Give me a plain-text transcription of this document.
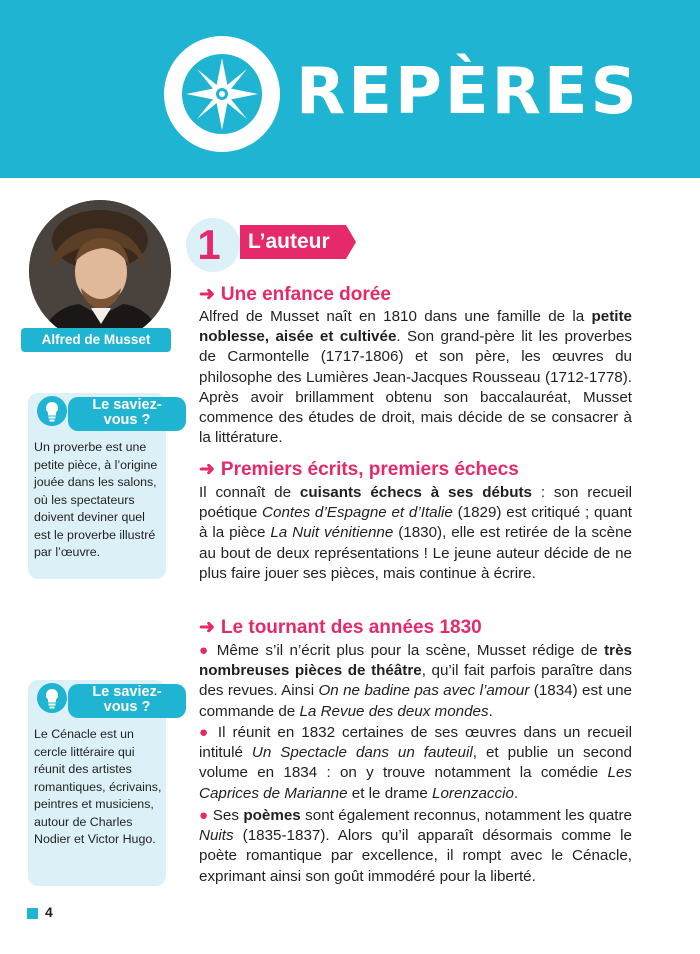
REPÈRES
Alfred de Musset
Le saviez-
vous ?
Un proverbe est une petite pièce, à l’origine jouée dans les salons, où les spectateurs doivent deviner quel est le proverbe illustré par l’œuvre.
Le saviez-
vous ?
Le Cénacle est un cercle littéraire qui réunit des artistes romantiques, écrivains, peintres et musiciens, autour de Charles Nodier et Victor Hugo.
1	L’auteur
➜ Une enfance dorée
Alfred de Musset naît en 1810 dans une famille de la petite noblesse, aisée et cultivée. Son grand-père lit les proverbes de Carmontelle (1717-1806) et son père, les œuvres du philosophe des Lumières Jean-Jacques Rousseau (1712-1778). Après avoir brillamment obtenu son baccalauréat, Musset commence des études de droit, mais décide de se consacrer à la littérature.
➜ Premiers écrits, premiers échecs
Il connaît de cuisants échecs à ses débuts : son recueil poétique Contes d’Espagne et d’Italie (1829) est critiqué ; quant à la pièce La Nuit vénitienne (1830), elle est retirée de la scène au bout de deux représentations ! Le jeune auteur décide de ne plus faire jouer ses pièces, mais continue à écrire.
➜ Le tournant des années 1830
● Même s’il n’écrit plus pour la scène, Musset rédige de très nombreuses pièces de théâtre, qu’il fait parfois paraître dans des revues. Ainsi On ne badine pas avec l’amour (1834) est une commande de La Revue des deux mondes.
● Il réunit en 1832 certaines de ses œuvres dans un recueil intitulé Un Spectacle dans un fauteuil, et publie un second volume en 1834 : on y trouve notamment la comédie Les Caprices de Marianne et le drame Lorenzaccio.
● Ses poèmes sont également reconnus, notamment les quatre Nuits (1835-1837). Alors qu’il apparaît désormais comme le poète romantique par excellence, il rompt avec le Cénacle, exprimant ainsi son goût immodéré pour la liberté.
4
